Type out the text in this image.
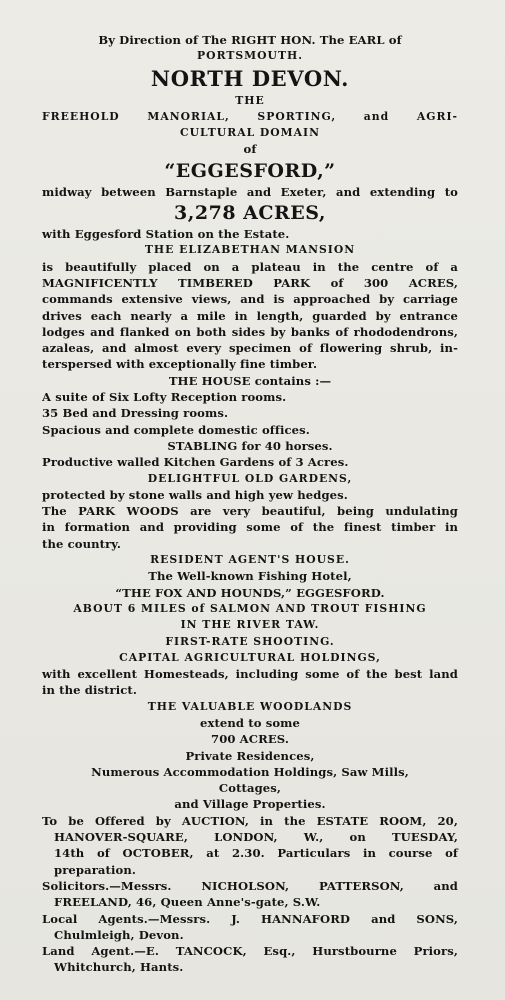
By Direction of The RIGHT HON. The EARL of
PORTSMOUTH.
NORTH DEVON.
THE
FREEHOLD MANORIAL, SPORTING, and AGRI-
CULTURAL DOMAIN
of
“EGGESFORD,”
midway between Barnstaple and Exeter, and extending to
3,278 ACRES,
with Eggesford Station on the Estate.
THE ELIZABETHAN MANSION
is beautifully placed on a plateau in the centre of a
MAGNIFICENTLY TIMBERED PARK of 300 ACRES,
commands extensive views, and is approached by carriage
drives each nearly a mile in length, guarded by entrance
lodges and flanked on both sides by banks of rhododendrons,
azaleas, and almost every specimen of flowering shrub, in-
terspersed with exceptionally fine timber.
THE HOUSE contains :—
A suite of Six Lofty Reception rooms.
35 Bed and Dressing rooms.
Spacious and complete domestic offices.
STABLING for 40 horses.
Productive walled Kitchen Gardens of 3 Acres.
DELIGHTFUL OLD GARDENS,
protected by stone walls and high yew hedges.
The PARK WOODS are very beautiful, being undulating
in formation and providing some of the finest timber in
the country.
RESIDENT AGENT'S HOUSE.
The Well-known Fishing Hotel,
“THE FOX AND HOUNDS,” EGGESFORD.
ABOUT 6 MILES of SALMON AND TROUT FISHING
IN THE RIVER TAW.
FIRST-RATE SHOOTING.
CAPITAL AGRICULTURAL HOLDINGS,
with excellent Homesteads, including some of the best land
in the district.
THE VALUABLE WOODLANDS
extend to some
700 ACRES.
Private Residences,
Numerous Accommodation Holdings, Saw Mills,
Cottages,
and Village Properties.
To be Offered by AUCTION, in the ESTATE ROOM, 20,
HANOVER-SQUARE, LONDON, W., on TUESDAY,
14th of OCTOBER, at 2.30. Particulars in course of
preparation.
Solicitors.—Messrs. NICHOLSON, PATTERSON, and
FREELAND, 46, Queen Anne's-gate, S.W.
Local Agents.—Messrs. J. HANNAFORD and SONS,
Chulmleigh, Devon.
Land Agent.—E. TANCOCK, Esq., Hurstbourne Priors,
Whitchurch, Hants.
